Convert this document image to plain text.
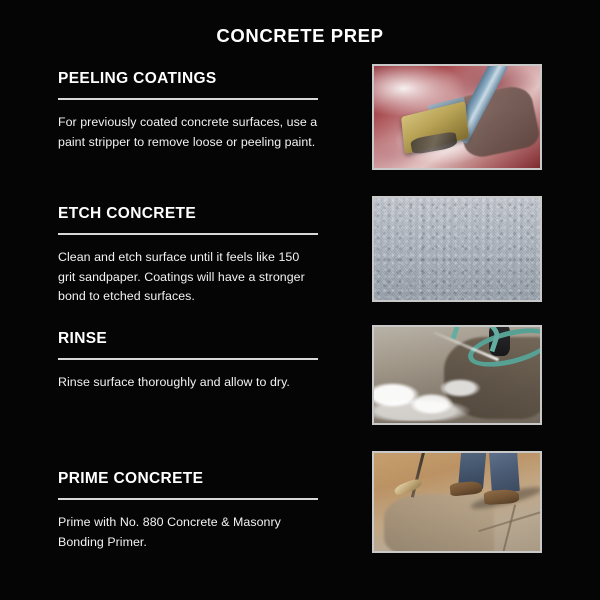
CONCRETE PREP
PEELING COATINGS
For previously coated concrete surfaces, use a paint stripper to remove loose or peeling paint.
ETCH CONCRETE
Clean and etch surface until it feels like 150 grit sandpaper. Coatings will have a stronger bond to etched surfaces.
RINSE
Rinse surface thoroughly and allow to dry.
PRIME CONCRETE
Prime with No. 880 Concrete & Masonry Bonding Primer.
